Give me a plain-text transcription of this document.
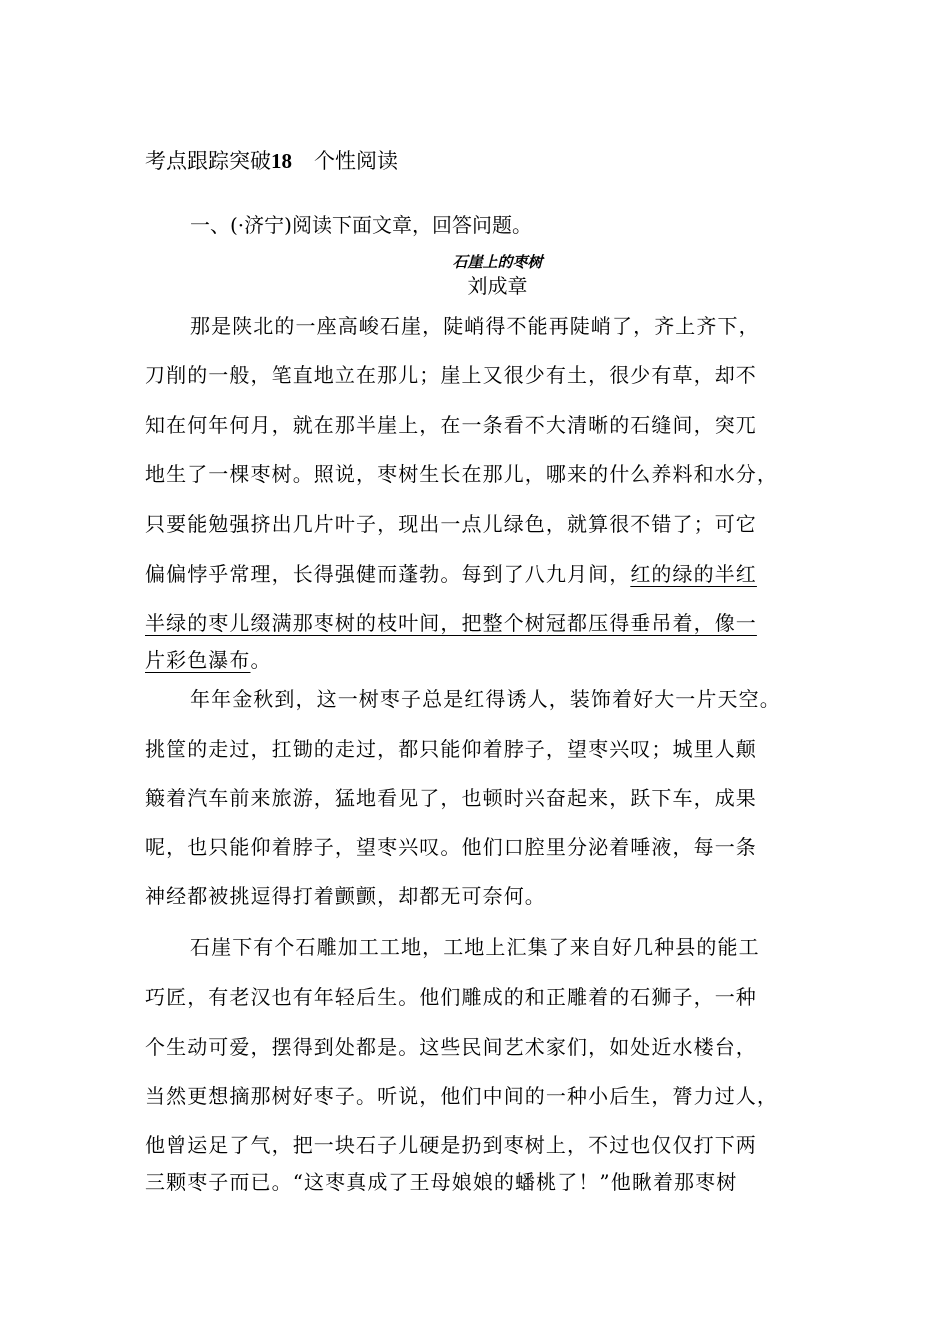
考点跟踪突破18 个性阅读
一、(·济宁)阅读下面文章，回答问题。
石崖上的枣树
刘成章
那是陕北的一座高峻石崖，陡峭得不能再陡峭了，齐上齐下，
刀削的一般，笔直地立在那儿；崖上又很少有土，很少有草，却不
知在何年何月，就在那半崖上，在一条看不大清晰的石缝间，突兀
地生了一棵枣树。照说，枣树生长在那儿，哪来的什么养料和水分，
只要能勉强挤出几片叶子，现出一点儿绿色，就算很不错了；可它
偏偏悖乎常理，长得强健而蓬勃。每到了八九月间，红的绿的半红
半绿的枣儿缀满那枣树的枝叶间，把整个树冠都压得垂吊着，像一
片彩色瀑布。
年年金秋到，这一树枣子总是红得诱人，装饰着好大一片天空。
挑筐的走过，扛锄的走过，都只能仰着脖子，望枣兴叹；城里人颠
簸着汽车前来旅游，猛地看见了，也顿时兴奋起来，跃下车，成果
呢，也只能仰着脖子，望枣兴叹。他们口腔里分泌着唾液，每一条
神经都被挑逗得打着颤颤，却都无可奈何。
石崖下有个石雕加工工地，工地上汇集了来自好几种县的能工
巧匠，有老汉也有年轻后生。他们雕成的和正雕着的石狮子，一种
个生动可爱，摆得到处都是。这些民间艺术家们，如处近水楼台，
当然更想摘那树好枣子。听说，他们中间的一种小后生，膂力过人，
他曾运足了气，把一块石子儿硬是扔到枣树上，不过也仅仅打下两
三颗枣子而已。“这枣真成了王母娘娘的蟠桃了！”他瞅着那枣树
